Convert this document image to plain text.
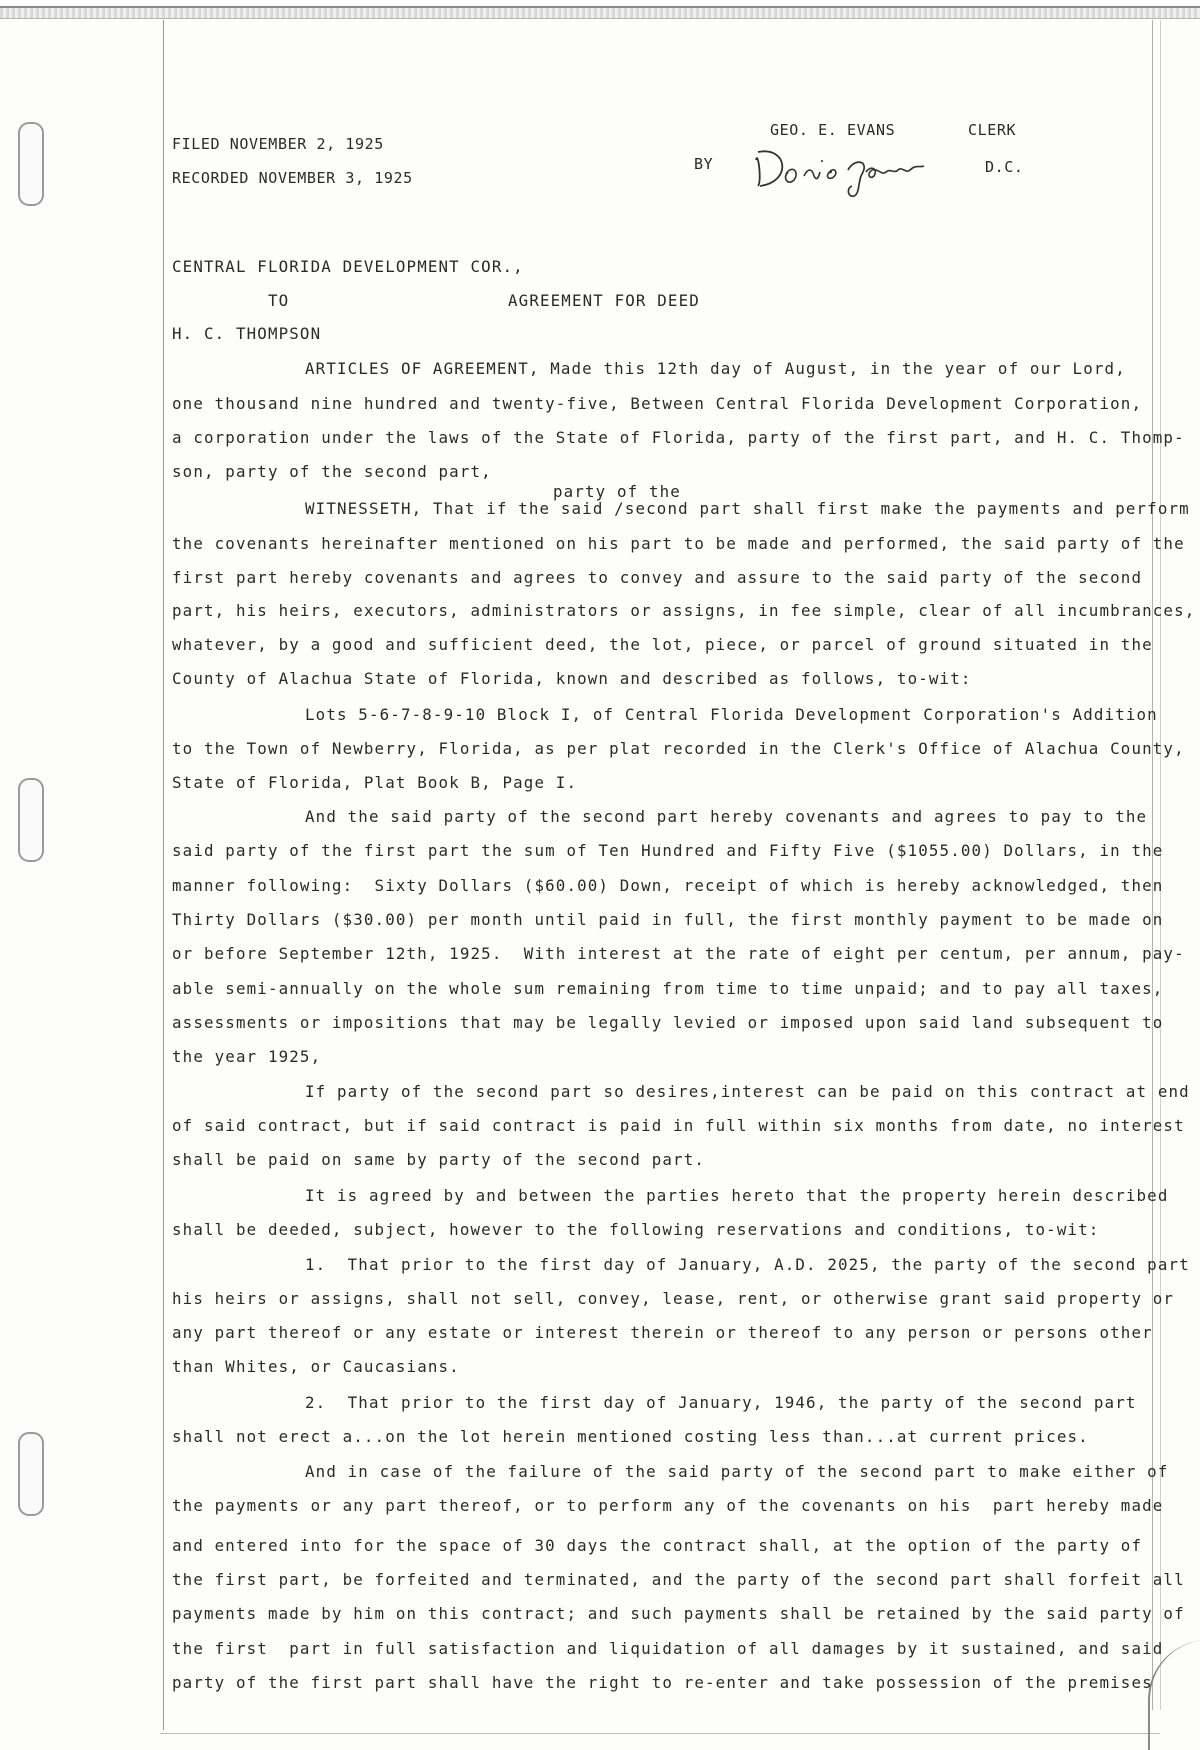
FILED NOVEMBER 2, 1925
RECORDED NOVEMBER 3, 1925
GEO. E. EVANS	CLERK
BY	D.C.
CENTRAL FLORIDA DEVELOPMENT COR.,
TO	AGREEMENT FOR DEED
H. C. THOMPSON
ARTICLES OF AGREEMENT, Made this 12th day of August, in the year of our Lord,
one thousand nine hundred and twenty-five, Between Central Florida Development Corporation,
a corporation under the laws of the State of Florida, party of the first part, and H. C. Thomp-
son, party of the second part,
party of the
WITNESSETH, That if the said /second part shall first make the payments and perform
the covenants hereinafter mentioned on his part to be made and performed, the said party of the
first part hereby covenants and agrees to convey and assure to the said party of the second
part, his heirs, executors, administrators or assigns, in fee simple, clear of all incumbrances,
whatever, by a good and sufficient deed, the lot, piece, or parcel of ground situated in the
County of Alachua State of Florida, known and described as follows, to-wit:
Lots 5-6-7-8-9-10 Block I, of Central Florida Development Corporation's Addition
to the Town of Newberry, Florida, as per plat recorded in the Clerk's Office of Alachua County,
State of Florida, Plat Book B, Page I.
And the said party of the second part hereby covenants and agrees to pay to the
said party of the first part the sum of Ten Hundred and Fifty Five ($1055.00) Dollars, in the
manner following:  Sixty Dollars ($60.00) Down, receipt of which is hereby acknowledged, then
Thirty Dollars ($30.00) per month until paid in full, the first monthly payment to be made on
or before September 12th, 1925.  With interest at the rate of eight per centum, per annum, pay-
able semi-annually on the whole sum remaining from time to time unpaid; and to pay all taxes,
assessments or impositions that may be legally levied or imposed upon said land subsequent to
the year 1925,
If party of the second part so desires,interest can be paid on this contract at end
of said contract, but if said contract is paid in full within six months from date, no interest
shall be paid on same by party of the second part.
It is agreed by and between the parties hereto that the property herein described
shall be deeded, subject, however to the following reservations and conditions, to-wit:
1.  That prior to the first day of January, A.D. 2025, the party of the second part
his heirs or assigns, shall not sell, convey, lease, rent, or otherwise grant said property or
any part thereof or any estate or interest therein or thereof to any person or persons other
than Whites, or Caucasians.
2.  That prior to the first day of January, 1946, the party of the second part
shall not erect a...on the lot herein mentioned costing less than...at current prices.
And in case of the failure of the said party of the second part to make either of
the payments or any part thereof, or to perform any of the covenants on his  part hereby made
and entered into for the space of 30 days the contract shall, at the option of the party of
the first part, be forfeited and terminated, and the party of the second part shall forfeit all
payments made by him on this contract; and such payments shall be retained by the said party of
the first  part in full satisfaction and liquidation of all damages by it sustained, and said
party of the first part shall have the right to re-enter and take possession of the premises
